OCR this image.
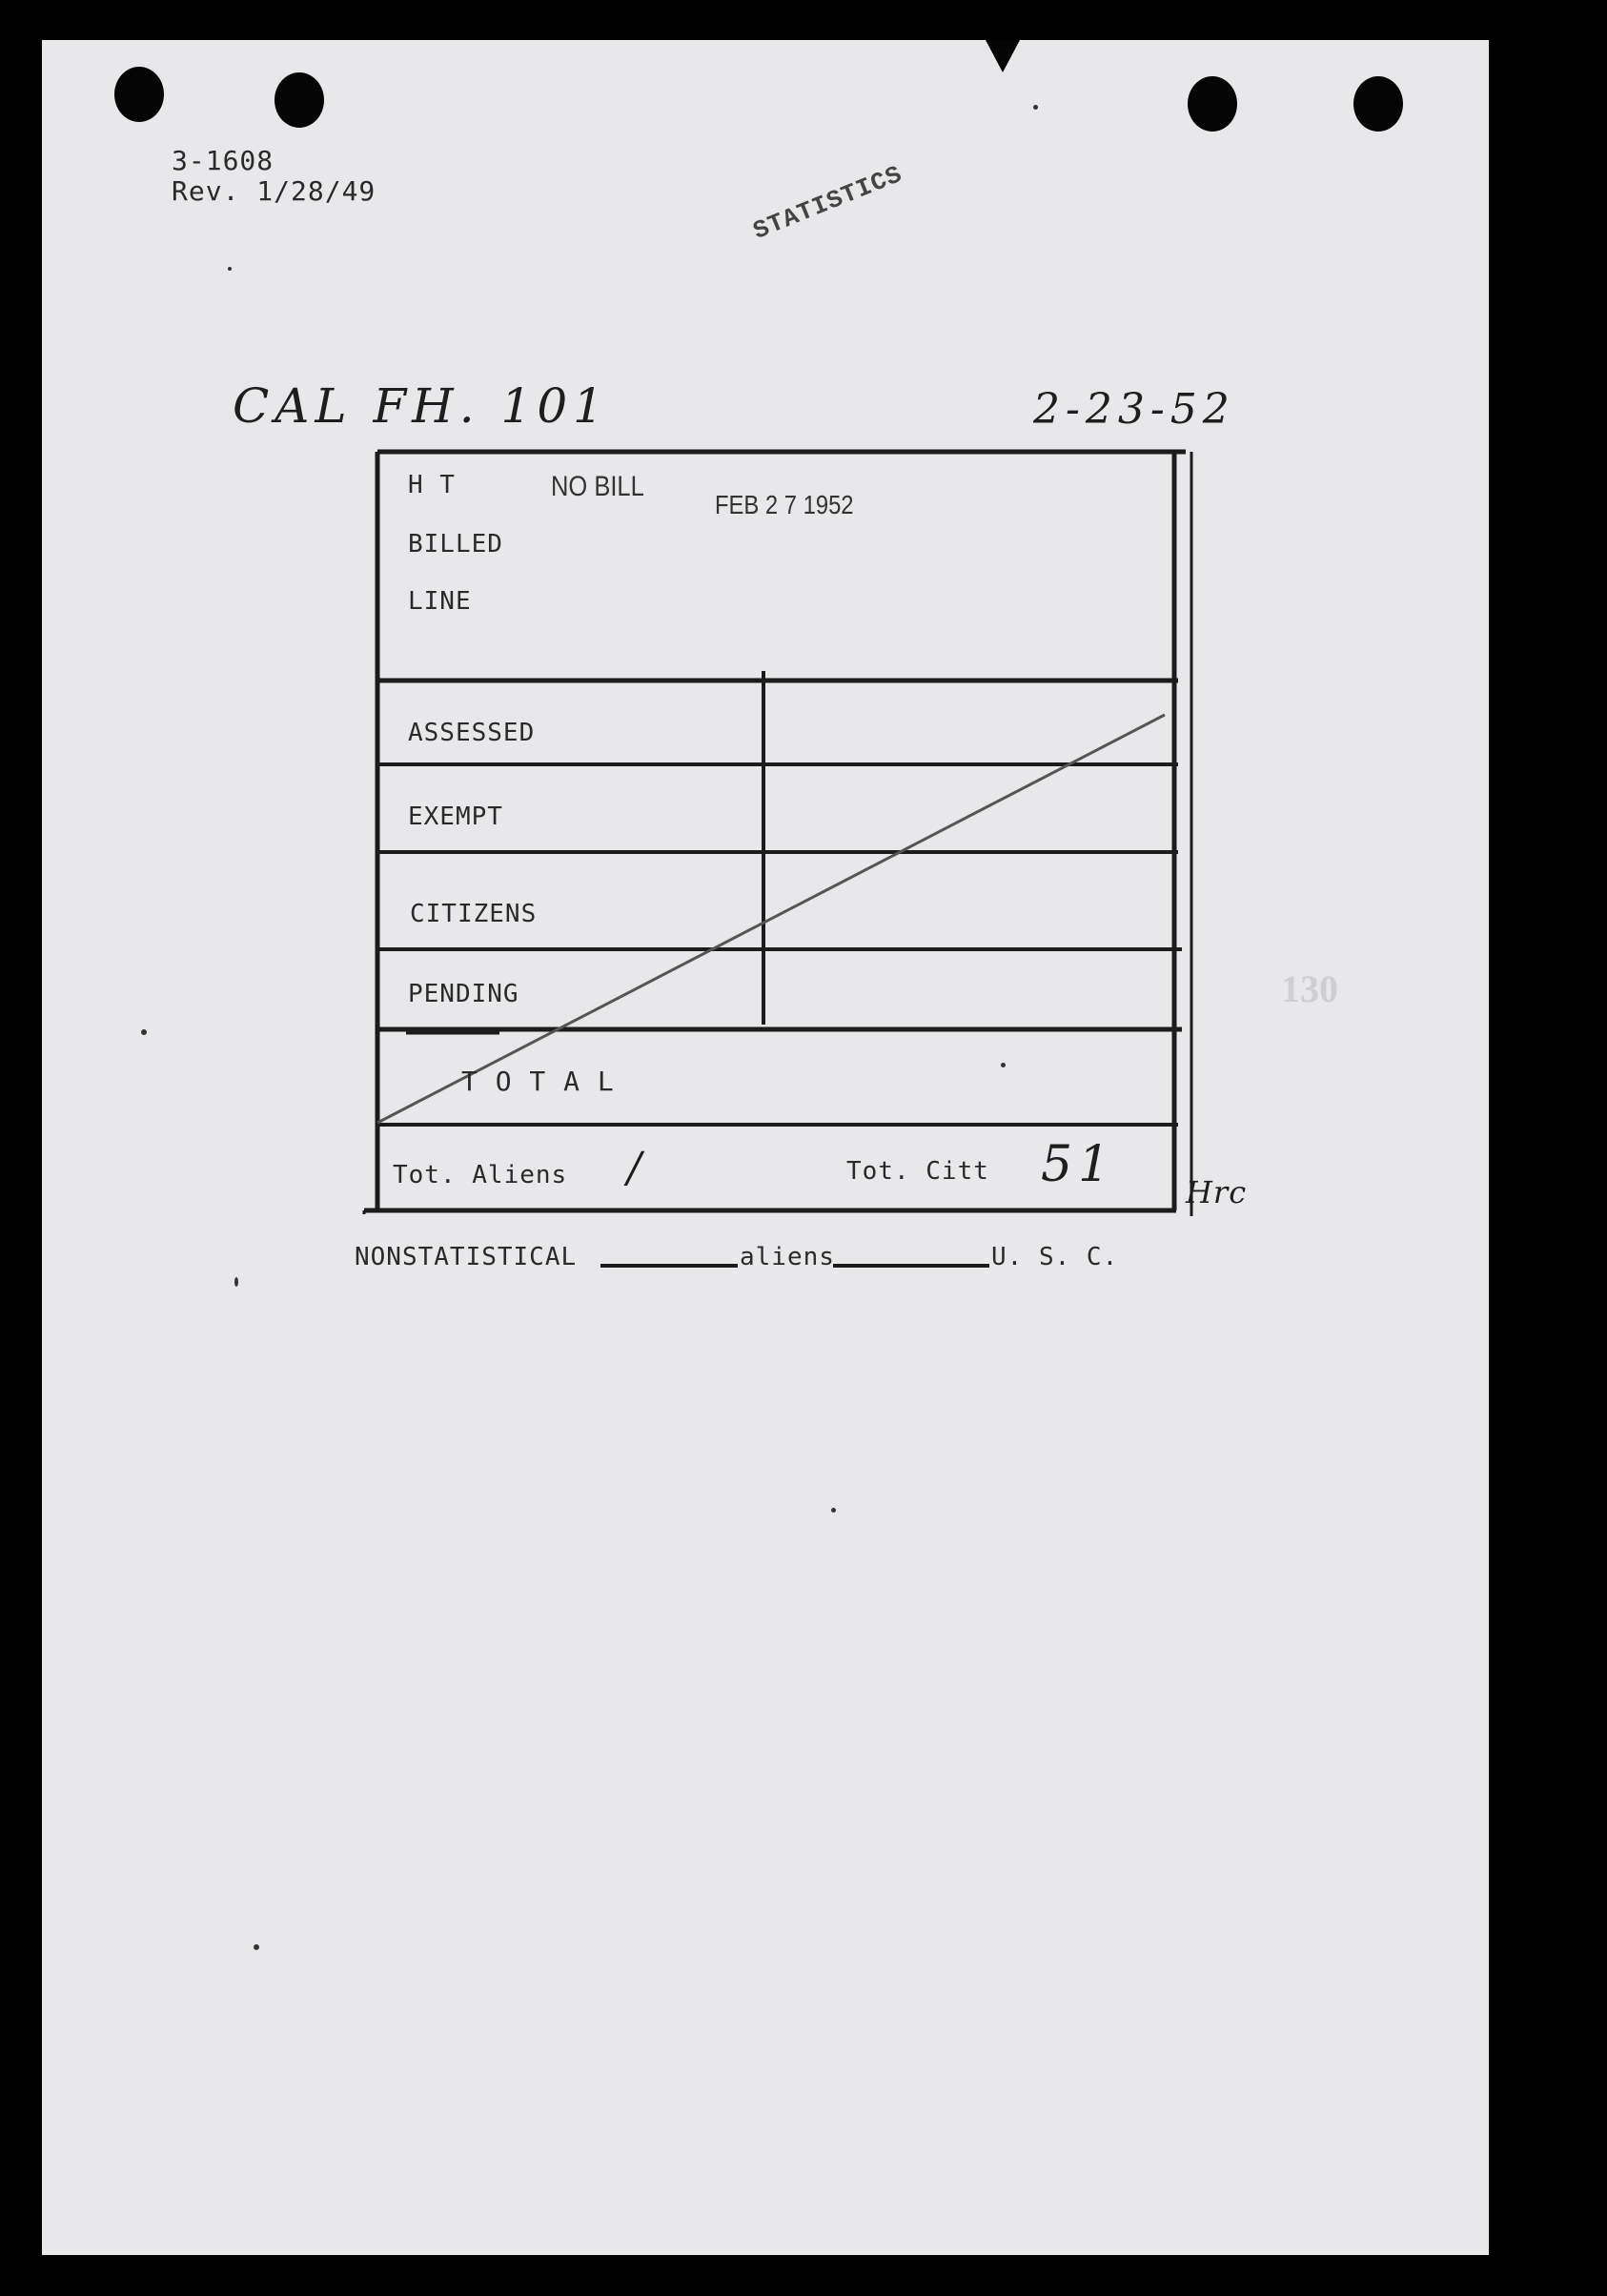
3-1608
Rev. 1/28/49	STATISTICS
CAL FH. 101	2-23-52
130
H T
BILLED
LINE
NO BILL
FEB 2 7 1952
ASSESSED
EXEMPT
CITIZENS
PENDING
T O T A L
Tot. Aliens /	Tot. Citt 51 Hrc
NONSTATISTICAL	aliens	U. S. C.
